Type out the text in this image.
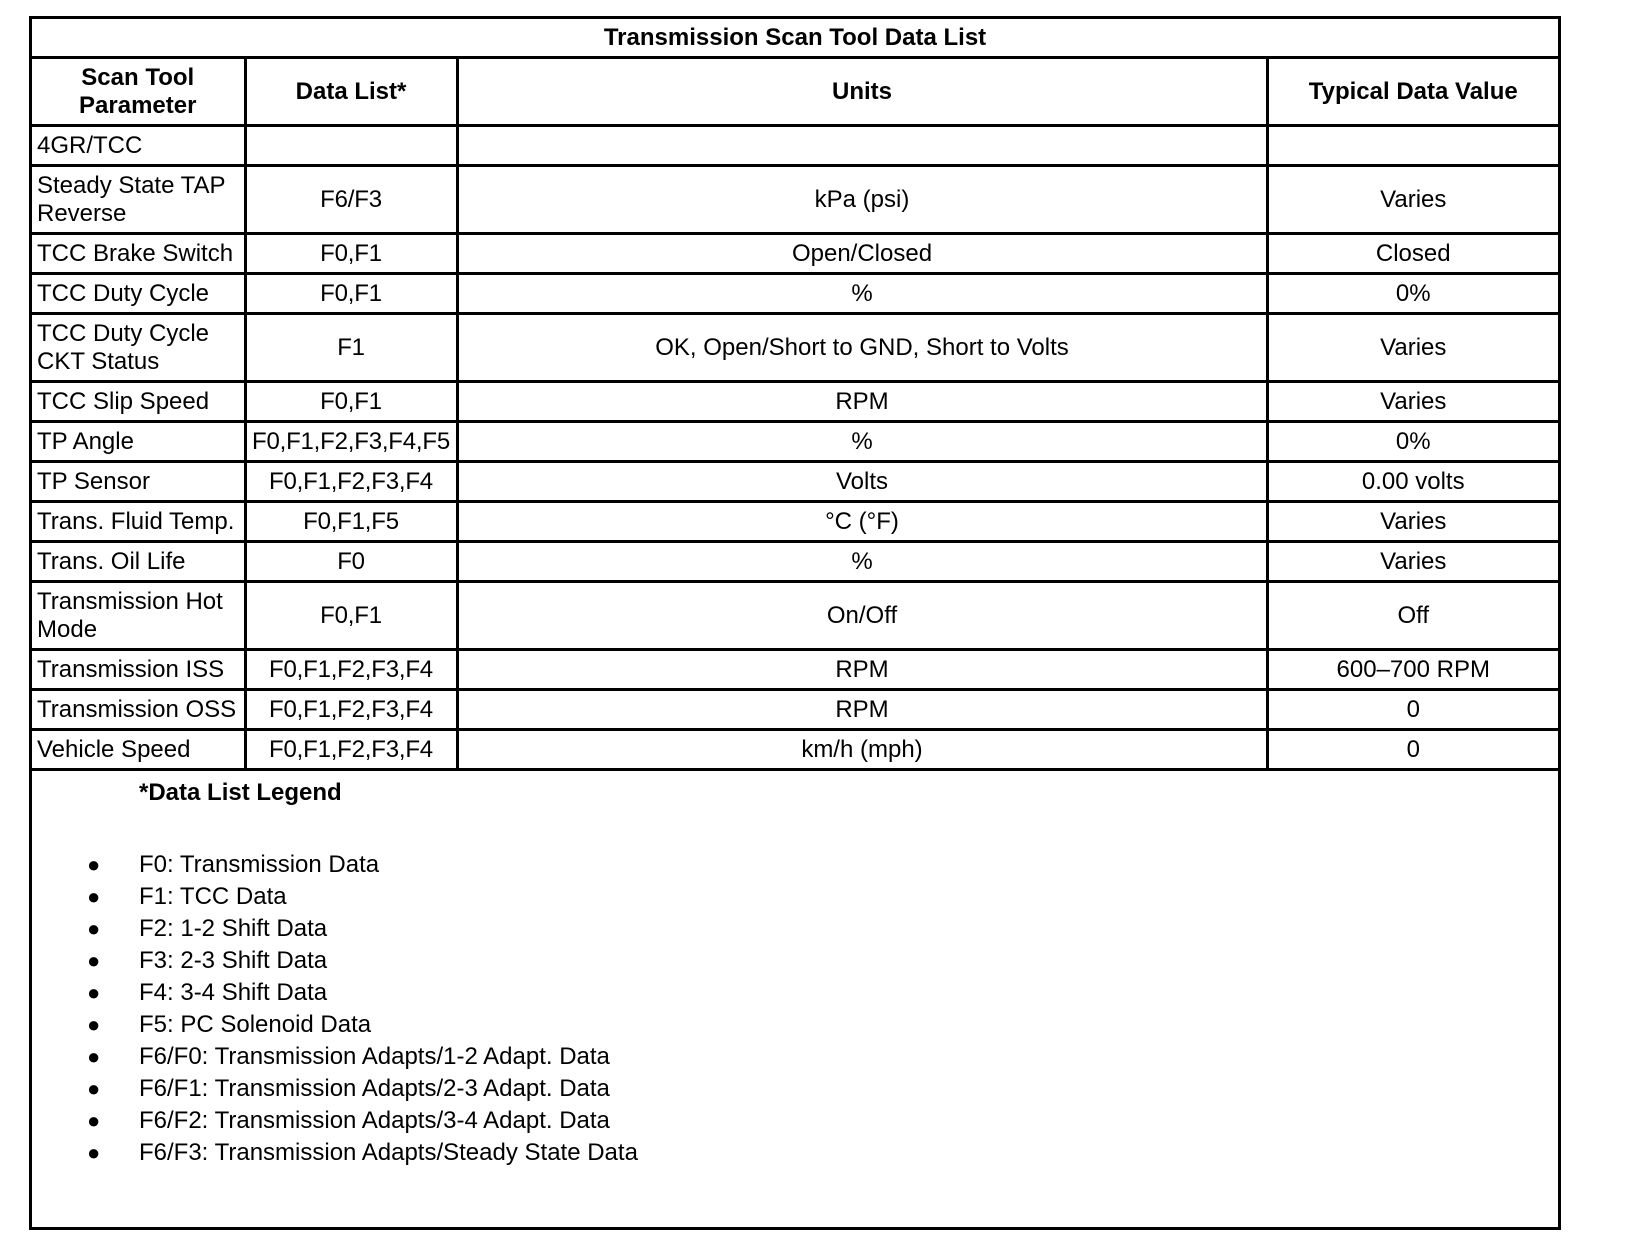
Transmission Scan Tool Data List			
Scan Tool Parameter	Data List*	Units	Typical Data Value
4GR/TCC			
Steady State TAP Reverse	F6/F3	kPa (psi)	Varies
TCC Brake Switch	F0,F1	Open/Closed	Closed
TCC Duty Cycle	F0,F1	%	0%
TCC Duty Cycle CKT Status	F1	OK, Open/Short to GND, Short to Volts	Varies
TCC Slip Speed	F0,F1	RPM	Varies
TP Angle	F0,F1,F2,F3,F4,F5	%	0%
TP Sensor	F0,F1,F2,F3,F4	Volts	0.00 volts
Trans. Fluid Temp.	F0,F1,F5	°C (°F)	Varies
Trans. Oil Life	F0	%	Varies
Transmission Hot Mode	F0,F1	On/Off	Off
Transmission ISS	F0,F1,F2,F3,F4	RPM	600–700 RPM
Transmission OSS	F0,F1,F2,F3,F4	RPM	0
Vehicle Speed	F0,F1,F2,F3,F4	km/h (mph)	0
*Data List Legend
● F0: Transmission Data
● F1: TCC Data
● F2: 1-2 Shift Data
● F3: 2-3 Shift Data
● F4: 3-4 Shift Data
● F5: PC Solenoid Data
● F6/F0: Transmission Adapts/1-2 Adapt. Data
● F6/F1: Transmission Adapts/2-3 Adapt. Data
● F6/F2: Transmission Adapts/3-4 Adapt. Data
● F6/F3: Transmission Adapts/Steady State Data
